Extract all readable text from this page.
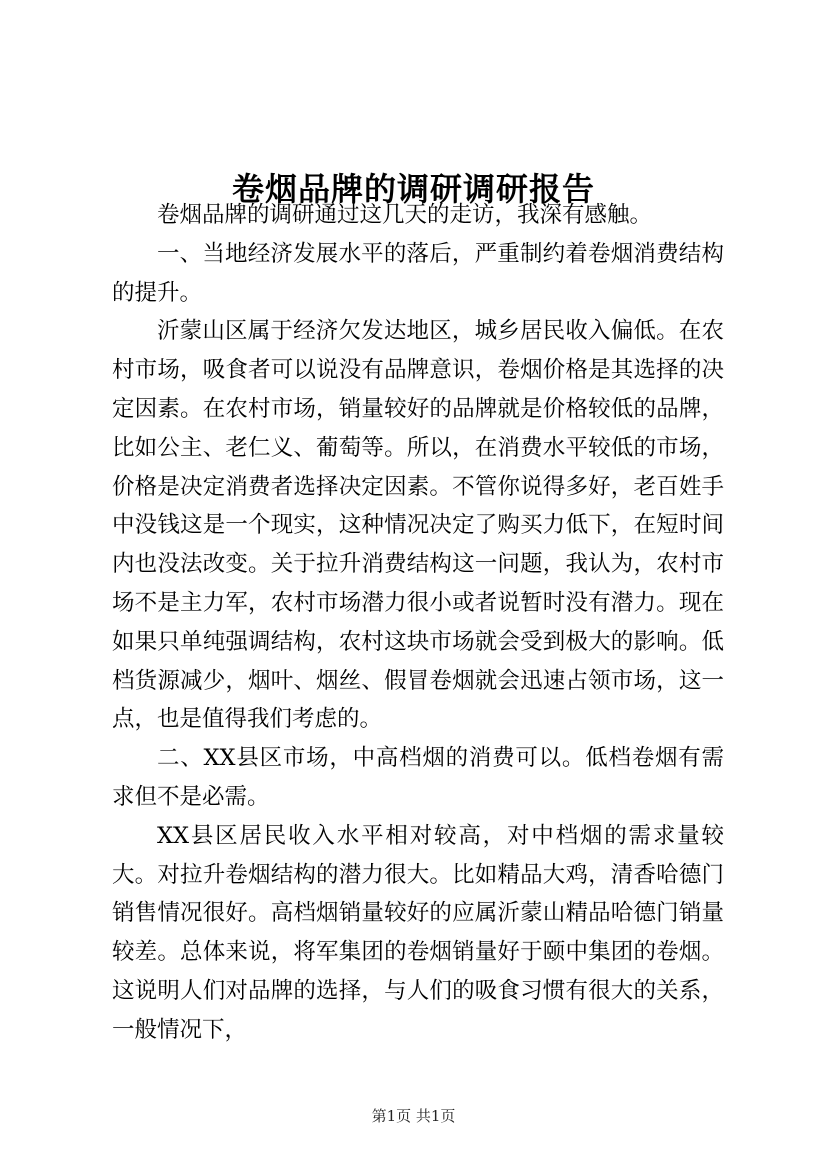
卷烟品牌的调研调研报告

卷烟品牌的调研通过这几天的走访，我深有感触。

一、当地经济发展水平的落后，严重制约着卷烟消费结构的提升。

沂蒙山区属于经济欠发达地区，城乡居民收入偏低。在农村市场，吸食者可以说没有品牌意识，卷烟价格是其选择的决定因素。在农村市场，销量较好的品牌就是价格较低的品牌，比如公主、老仁义、葡萄等。所以，在消费水平较低的市场，价格是决定消费者选择决定因素。不管你说得多好，老百姓手中没钱这是一个现实，这种情况决定了购买力低下，在短时间内也没法改变。关于拉升消费结构这一问题，我认为，农村市场不是主力军，农村市场潜力很小或者说暂时没有潜力。现在如果只单纯强调结构，农村这块市场就会受到极大的影响。低档货源减少，烟叶、烟丝、假冒卷烟就会迅速占领市场，这一点，也是值得我们考虑的。

二、XX县区市场，中高档烟的消费可以。低档卷烟有需求但不是必需。

XX县区居民收入水平相对较高，对中档烟的需求量较大。对拉升卷烟结构的潜力很大。比如精品大鸡，清香哈德门销售情况很好。高档烟销量较好的应属沂蒙山精品哈德门销量较差。总体来说，将军集团的卷烟销量好于颐中集团的卷烟。这说明人们对品牌的选择，与人们的吸食习惯有很大的关系，一般情况下，

第1页 共1页
